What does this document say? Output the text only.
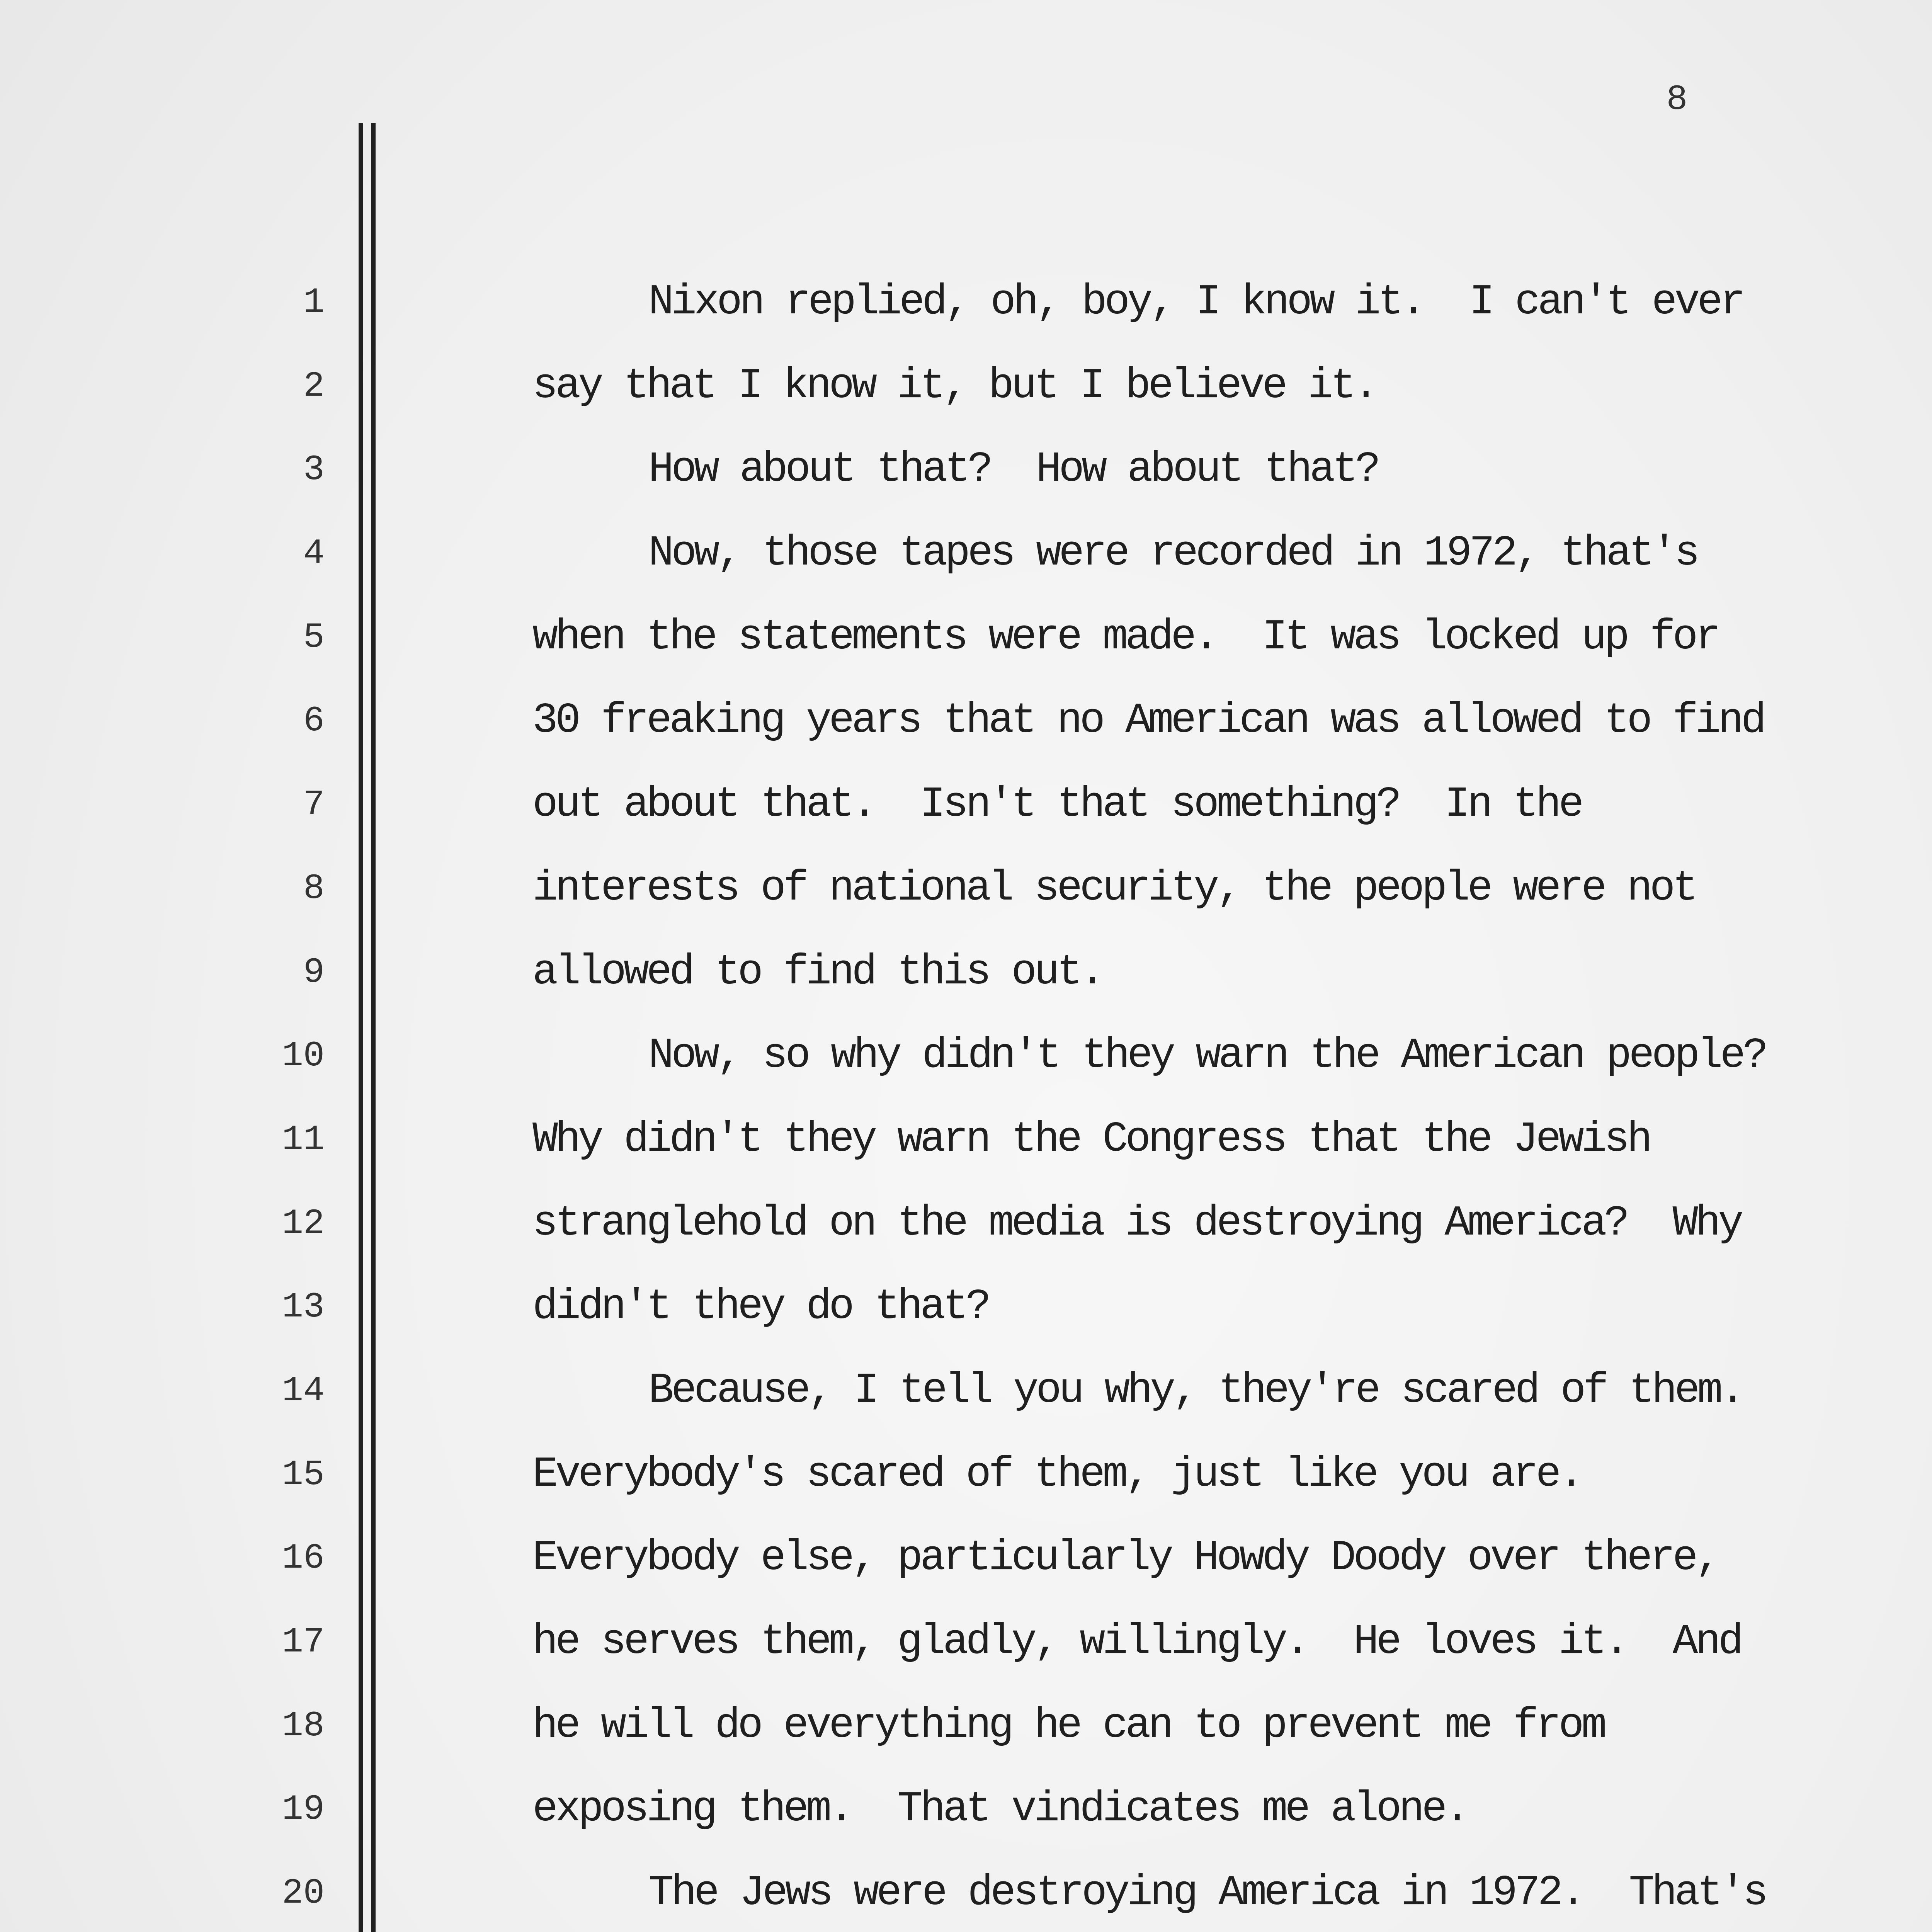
8
1
2
3
4
5
6
7
8
9
10
11
12
13
14
15
16
17
18
19
20
Nixon replied, oh, boy, I know it.  I can't ever
say that I know it, but I believe it.
How about that?  How about that?
Now, those tapes were recorded in 1972, that's
when the statements were made.  It was locked up for
30 freaking years that no American was allowed to find
out about that.  Isn't that something?  In the
interests of national security, the people were not
allowed to find this out.
Now, so why didn't they warn the American people?
Why didn't they warn the Congress that the Jewish
stranglehold on the media is destroying America?  Why
didn't they do that?
Because, I tell you why, they're scared of them.
Everybody's scared of them, just like you are.
Everybody else, particularly Howdy Doody over there,
he serves them, gladly, willingly.  He loves it.  And
he will do everything he can to prevent me from
exposing them.  That vindicates me alone.
The Jews were destroying America in 1972.  That's
